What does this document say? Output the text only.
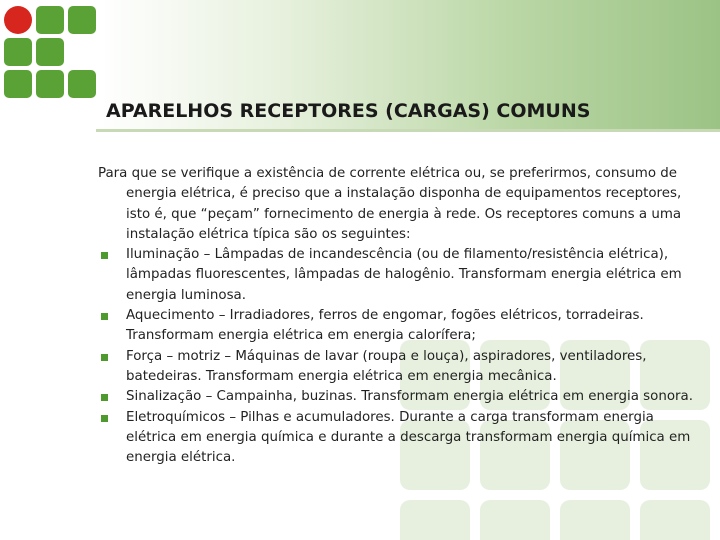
APARELHOS RECEPTORES (CARGAS) COMUNS

Para que se verifique a existência de corrente elétrica ou, se preferirmos, consumo de energia elétrica, é preciso que a instalação disponha de equipamentos receptores, isto é, que “peçam” fornecimento de energia à rede. Os receptores comuns a uma instalação elétrica típica são os seguintes:

Iluminação – Lâmpadas de incandescência (ou de filamento/resistência elétrica), lâmpadas fluorescentes, lâmpadas de halogênio. Transformam energia elétrica em energia luminosa.
Aquecimento – Irradiadores, ferros de engomar, fogões elétricos, torradeiras. Transformam energia elétrica em energia calorífera;
Força – motriz – Máquinas de lavar (roupa e louça), aspiradores, ventiladores, batedeiras. Transformam energia elétrica em energia mecânica.
Sinalização – Campainha, buzinas. Transformam energia elétrica em energia sonora.
Eletroquímicos – Pilhas e acumuladores. Durante a carga transformam energia elétrica em energia química e durante a descarga transformam energia química em energia elétrica.
